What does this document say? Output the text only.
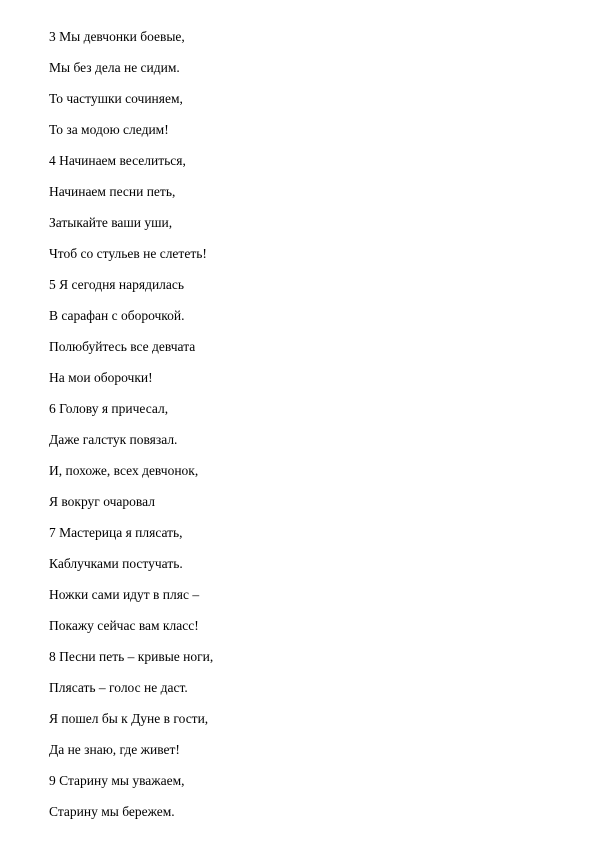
3 Мы девчонки боевые,
Мы без дела не сидим.
То частушки сочиняем,
То за модою следим!
4 Начинаем веселиться,
Начинаем песни петь,
Затыкайте ваши уши,
Чтоб со стульев не слететь!
5 Я сегодня нарядилась
В сарафан с оборочкой.
Полюбуйтесь все девчата
На мои оборочки!
6 Голову я причесал,
Даже галстук повязал.
И, похоже, всех девчонок,
Я вокруг очаровал
7 Мастерица я плясать,
Каблучками постучать.
Ножки сами идут в пляс –
Покажу сейчас вам класс!
8 Песни петь – кривые ноги,
Плясать – голос не даст.
Я пошел бы к Дуне в гости,
Да не знаю, где живет!
9 Старину мы уважаем,
Старину мы бережем.
